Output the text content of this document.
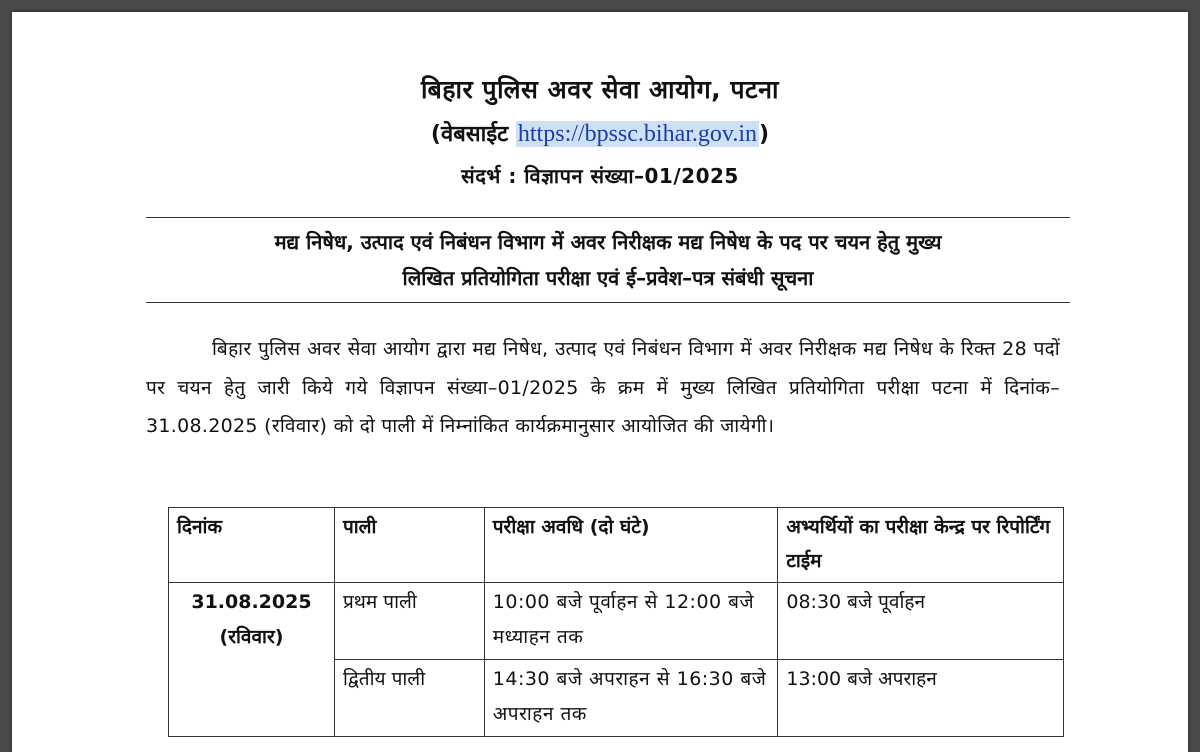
बिहार पुलिस अवर सेवा आयोग, पटना
(वेबसाईट https://bpssc.bihar.gov.in)
संदर्भ : विज्ञापन संख्या–01/2025
मद्य निषेध, उत्पाद एवं निबंधन विभाग में अवर निरीक्षक मद्य निषेध के पद पर चयन हेतु मुख्य
लिखित प्रतियोगिता परीक्षा एवं ई–प्रवेश–पत्र संबंधी सूचना
बिहार पुलिस अवर सेवा आयोग द्वारा मद्य निषेध, उत्पाद एवं निबंधन विभाग में अवर निरीक्षक मद्य निषेध के रिक्त 28 पदों पर चयन हेतु जारी किये गये विज्ञापन संख्या–01/2025 के क्रम में मुख्य लिखित प्रतियोगिता परीक्षा पटना में दिनांक–31.08.2025 (रविवार) को दो पाली में निम्नांकित कार्यक्रमानुसार आयोजित की जायेगी।
दिनांक	पाली	परीक्षा अवधि (दो घंटे)	अभ्यर्थियों का परीक्षा केन्द्र पर रिपोर्टिंग टाईम

31.08.2025
(रविवार)	प्रथम पाली	10:00 बजे पूर्वाहन से 12:00 बजे मध्याहन तक	08:30 बजे पूर्वाहन
	द्वितीय पाली	14:30 बजे अपराहन से 16:30 बजे अपराहन तक	13:00 बजे अपराहन
